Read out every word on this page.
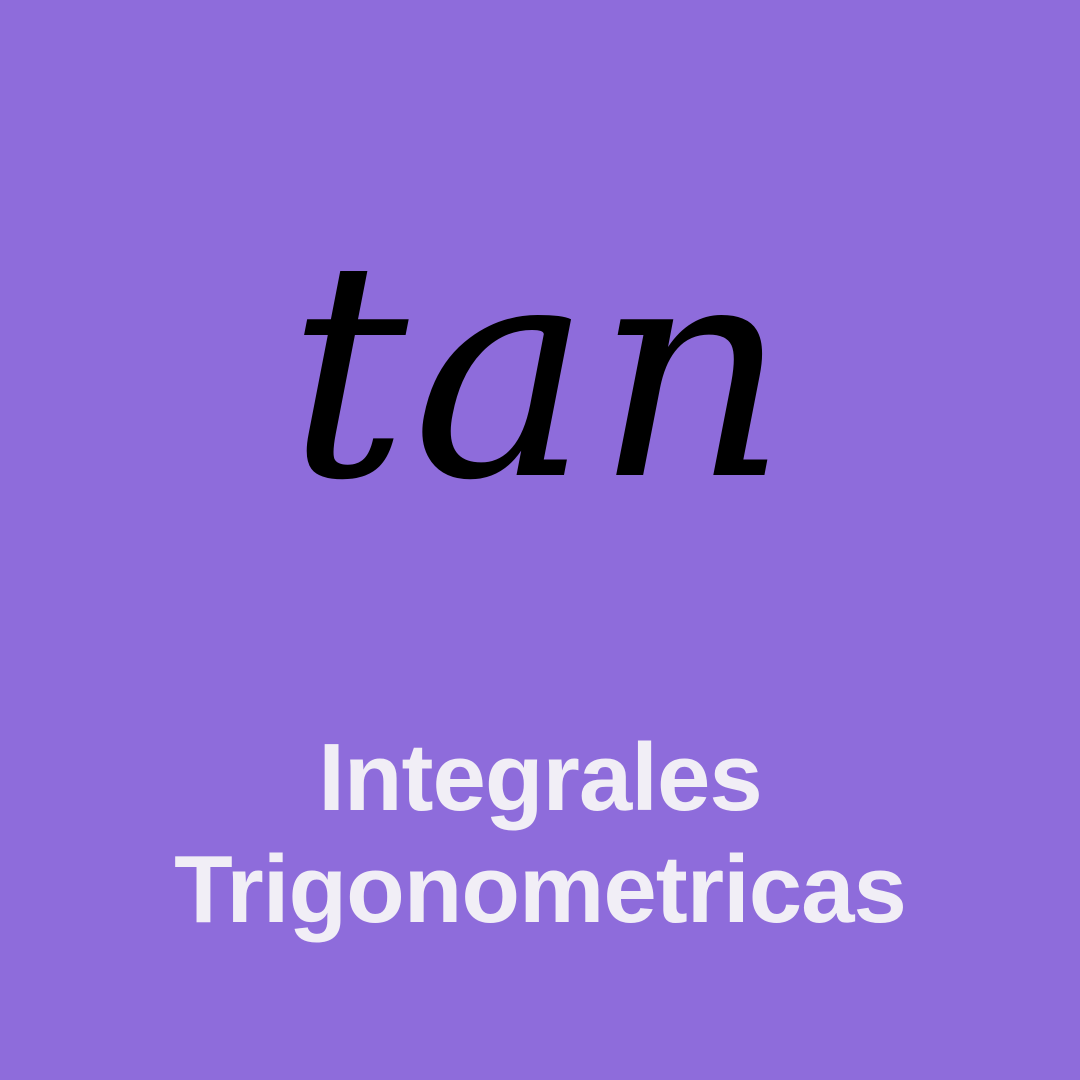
tan
Integrales
Trigonometricas
